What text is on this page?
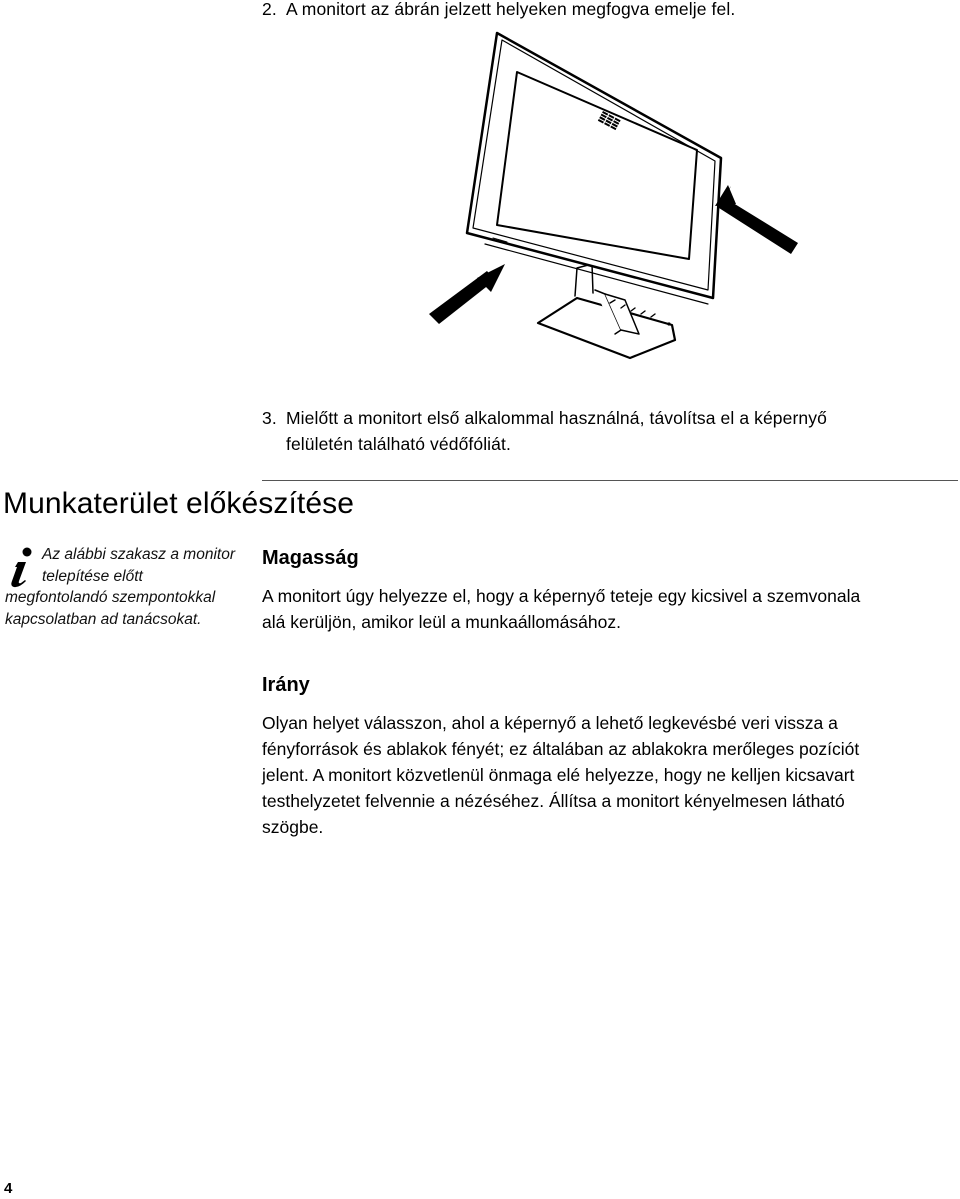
2. A monitort az ábrán jelzett helyeken megfogva emelje fel.
3. Mielőtt a monitort első alkalommal használná, távolítsa el a képernyő
felületén található védőfóliát.
Munkaterület előkészítése
Az alábbi szakasz a monitor
telepítése előtt
megfontolandó szempontokkal
kapcsolatban ad tanácsokat.
Magasság
A monitort úgy helyezze el, hogy a képernyő teteje egy kicsivel a szemvonala
alá kerüljön, amikor leül a munkaállomásához.
Irány
Olyan helyet válasszon, ahol a képernyő a lehető legkevésbé veri vissza a
fényforrások és ablakok fényét; ez általában az ablakokra merőleges pozíciót
jelent. A monitort közvetlenül önmaga elé helyezze, hogy ne kelljen kicsavart
testhelyzetet felvennie a nézéséhez. Állítsa a monitort kényelmesen látható
szögbe.
4
